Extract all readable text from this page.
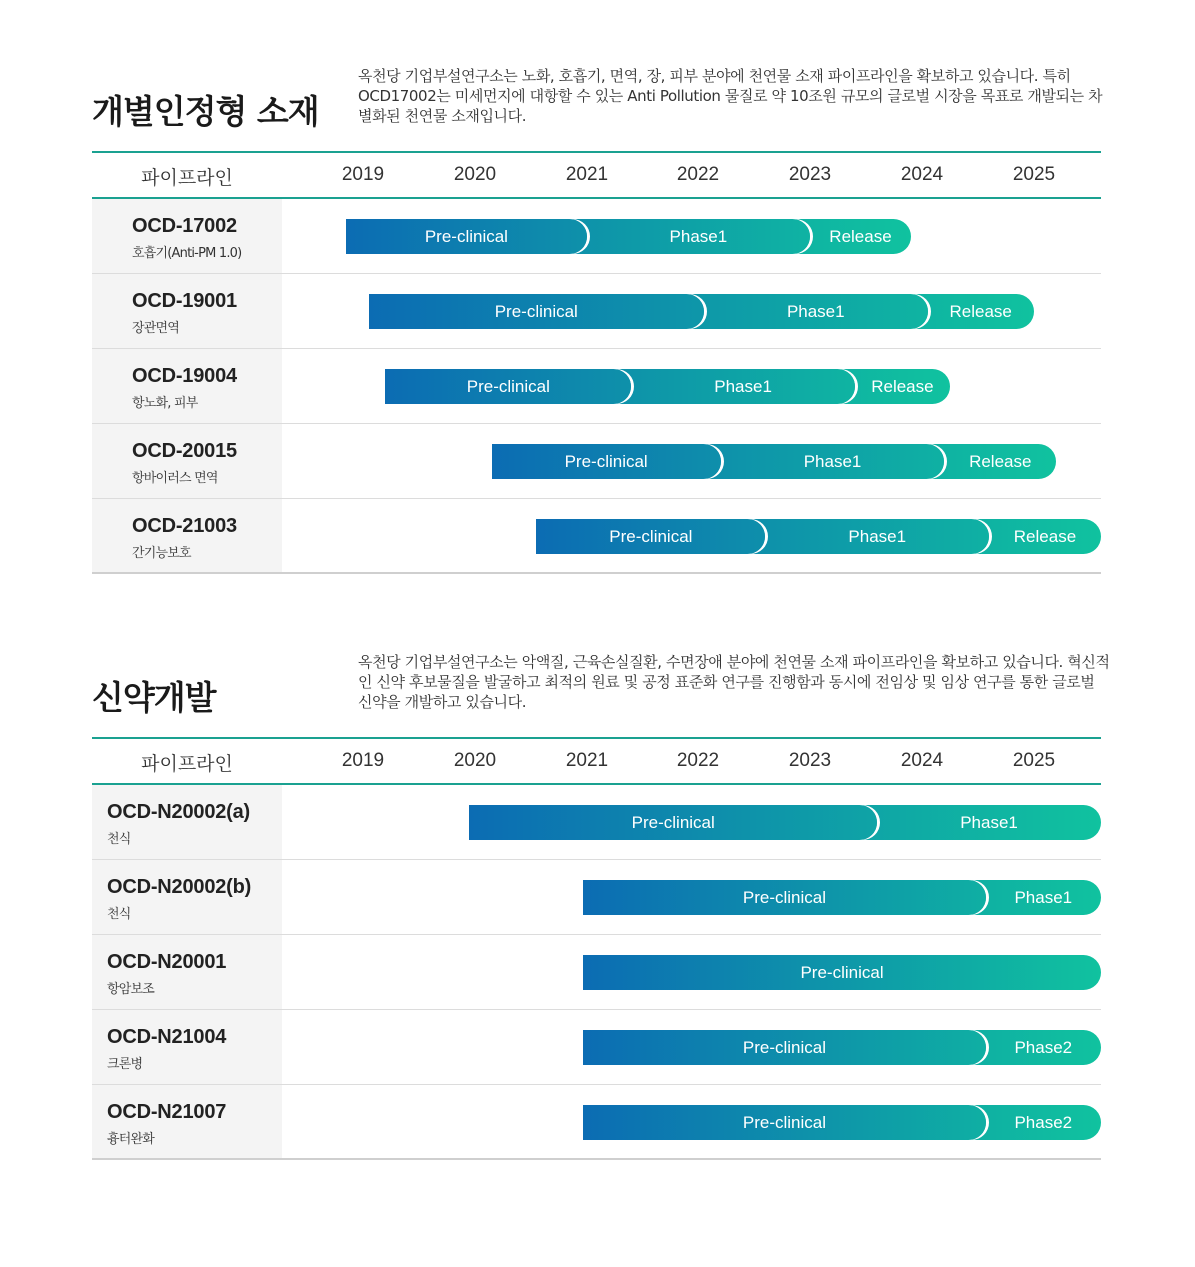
개별인정형 소재

옥천당 기업부설연구소는 노화, 호흡기, 면역, 장, 피부 분야에 천연물 소재 파이프라인을 확보하고 있습니다. 특히 OCD17002는 미세먼지에 대항할 수 있는 Anti Pollution 물질로 약 10조원 규모의 글로벌 시장을 목표로 개발되는 차별화된 천연물 소재입니다.

파이프라인	2019	2020	2021	2022	2023	2024	2025
OCD-17002
호흡기(Anti-PM 1.0)
Pre-clinical	Phase1	Release
OCD-19001
장관면역
Pre-clinical	Phase1	Release
OCD-19004
항노화, 피부
Pre-clinical	Phase1	Release
OCD-20015
항바이러스 면역
Pre-clinical	Phase1	Release
OCD-21003
간기능보호
Pre-clinical	Phase1	Release
신약개발

옥천당 기업부설연구소는 악액질, 근육손실질환, 수면장애 분야에 천연물 소재 파이프라인을 확보하고 있습니다. 혁신적인 신약 후보물질을 발굴하고 최적의 원료 및 공정 표준화 연구를 진행함과 동시에 전임상 및 임상 연구를 통한 글로벌 신약을 개발하고 있습니다.

파이프라인	2019	2020	2021	2022	2023	2024	2025
OCD-N20002(a)
천식
Pre-clinical	Phase1
OCD-N20002(b)
천식
Pre-clinical	Phase1
OCD-N20001
항암보조
Pre-clinical
OCD-N21004
크론병
Pre-clinical	Phase2
OCD-N21007
흉터완화
Pre-clinical	Phase2
